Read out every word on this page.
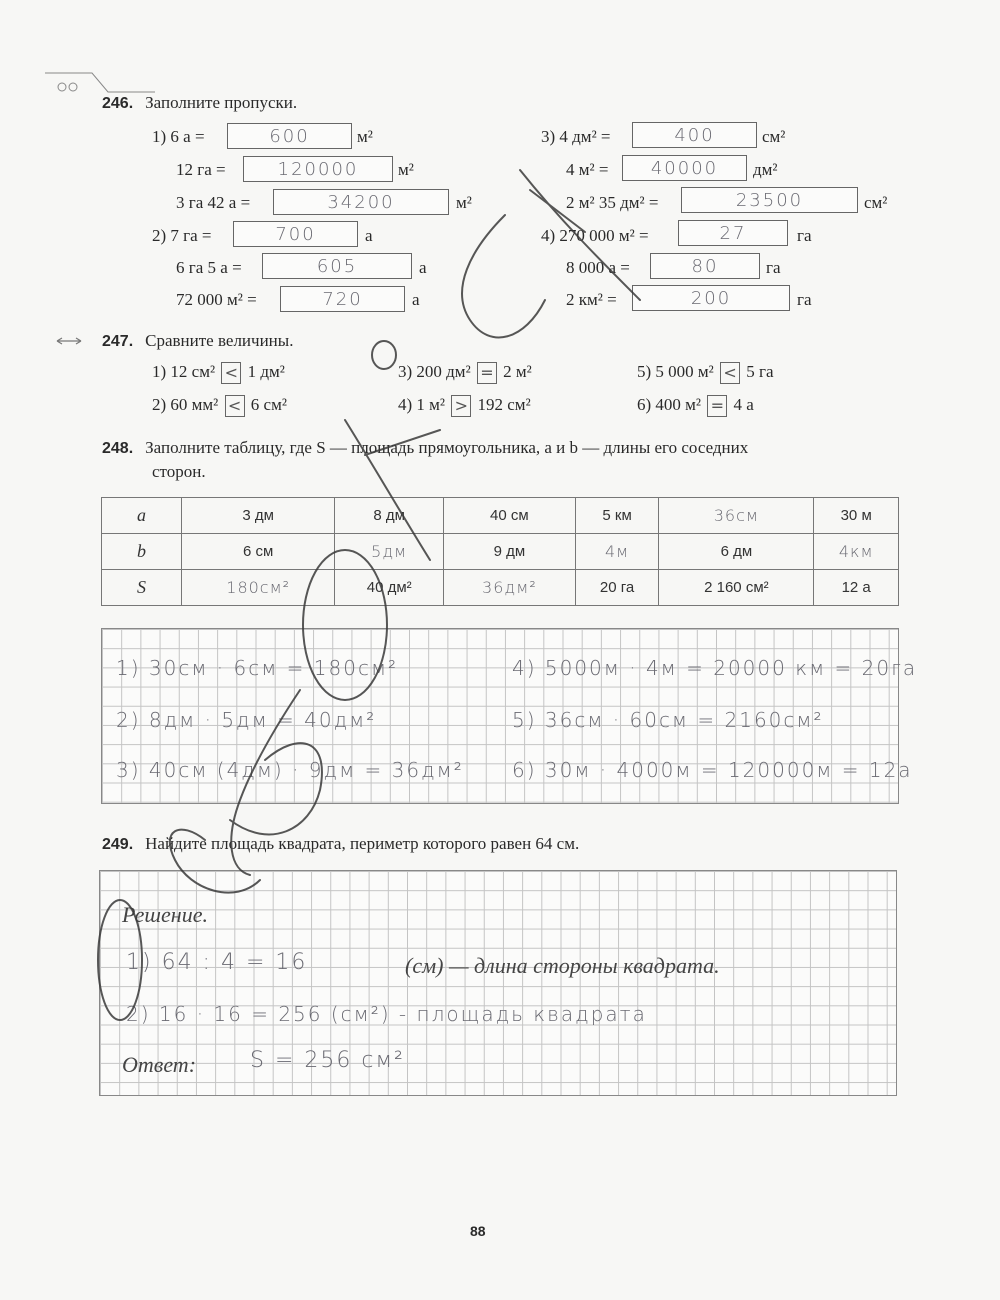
246. Заполните пропуски.
1) 6 а =	600	м²
12 га =	120000	м²
3 га 42 а =	34200	м²
2) 7 га =	700	а
6 га 5 а =	605	а
72 000 м² =	720	а
3) 4 дм² =	400	см²
4 м² =	40000	дм²
2 м² 35 дм² =	23500	см²
4) 270 000 м² =	27	га
8 000 а =	80	га
2 км² =	200	га
247. Сравните величины.
1) 12 см² < 1 дм²
2) 60 мм² < 6 см²
3) 200 дм² = 2 м²
4) 1 м² > 192 см²
5) 5 000 м² < 5 га
6) 400 м² = 4 а
248. Заполните таблицу, где S — площадь прямоугольника, a и b — длины его соседних
сторон.
a	3 дм	8 дм	40 см	5 км	36см	30 м
b	6 см	5дм	9 дм	4м	6 дм	4км
S	180см²	40 дм²	36дм²	20 га	2 160 см²	12 а
1) 30см · 6см = 180см²
2) 8дм · 5дм = 40дм²
3) 40см (4дм) · 9дм = 36дм²
4) 5000м · 4м = 20000 км = 20га
5) 36см · 60см = 2160см²
6) 30м · 4000м = 120000м = 12а
249. Найдите площадь квадрата, периметр которого равен 64 см.
Решение.
1) 64 : 4 = 16	(см) — длина стороны квадрата.
2) 16 · 16 = 256 (см²) - площадь квадрата
Ответ: S = 256 см²
88
